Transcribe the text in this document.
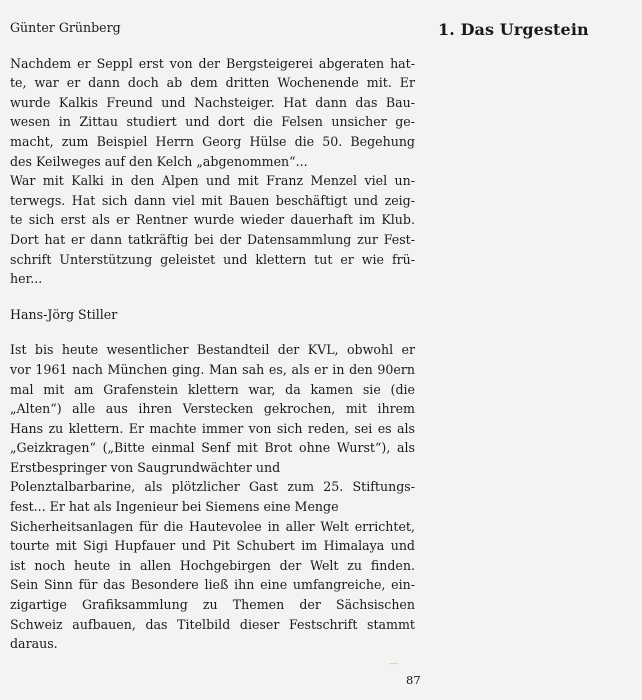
1. Das Urgestein
Günter Grünberg
Nachdem er Seppl erst von der Bergsteigerei abgeraten hat-
te, war er dann doch ab dem dritten Wochenende mit. Er
wurde Kalkis Freund und Nachsteiger. Hat dann das Bau-
wesen in Zittau studiert und dort die Felsen unsicher ge-
macht, zum Beispiel Herrn Georg Hülse die 50. Begehung
des Keilweges auf den Kelch „abgenommen“...
War mit Kalki in den Alpen und mit Franz Menzel viel un-
terwegs. Hat sich dann viel mit Bauen beschäftigt und zeig-
te sich erst als er Rentner wurde wieder dauerhaft im Klub.
Dort hat er dann tatkräftig bei der Datensammlung zur Fest-
schrift Unterstützung geleistet und klettern tut er wie frü-
her...
Hans-Jörg Stiller
Ist bis heute wesentlicher Bestandteil der KVL, obwohl er
vor 1961 nach München ging. Man sah es, als er in den 90ern
mal mit am Grafenstein klettern war, da kamen sie (die
„Alten“) alle aus ihren Verstecken gekrochen, mit ihrem
Hans zu klettern. Er machte immer von sich reden, sei es als
„Geizkragen“ („Bitte einmal Senf mit Brot ohne Wurst“), als
Erstbespringer von Saugrundwächter und
Polenztalbarbarine, als plötzlicher Gast zum 25. Stiftungs-
fest... Er hat als Ingenieur bei Siemens eine Menge
Sicherheitsanlagen für die Hautevolee in aller Welt errichtet,
tourte mit Sigi Hupfauer und Pit Schubert im Himalaya und
ist noch heute in allen Hochgebirgen der Welt zu finden.
Sein Sinn für das Besondere ließ ihn eine umfangreiche, ein-
zigartige Grafiksammlung zu Themen der Sächsischen
Schweiz aufbauen, das Titelbild dieser Festschrift stammt
daraus.
87
